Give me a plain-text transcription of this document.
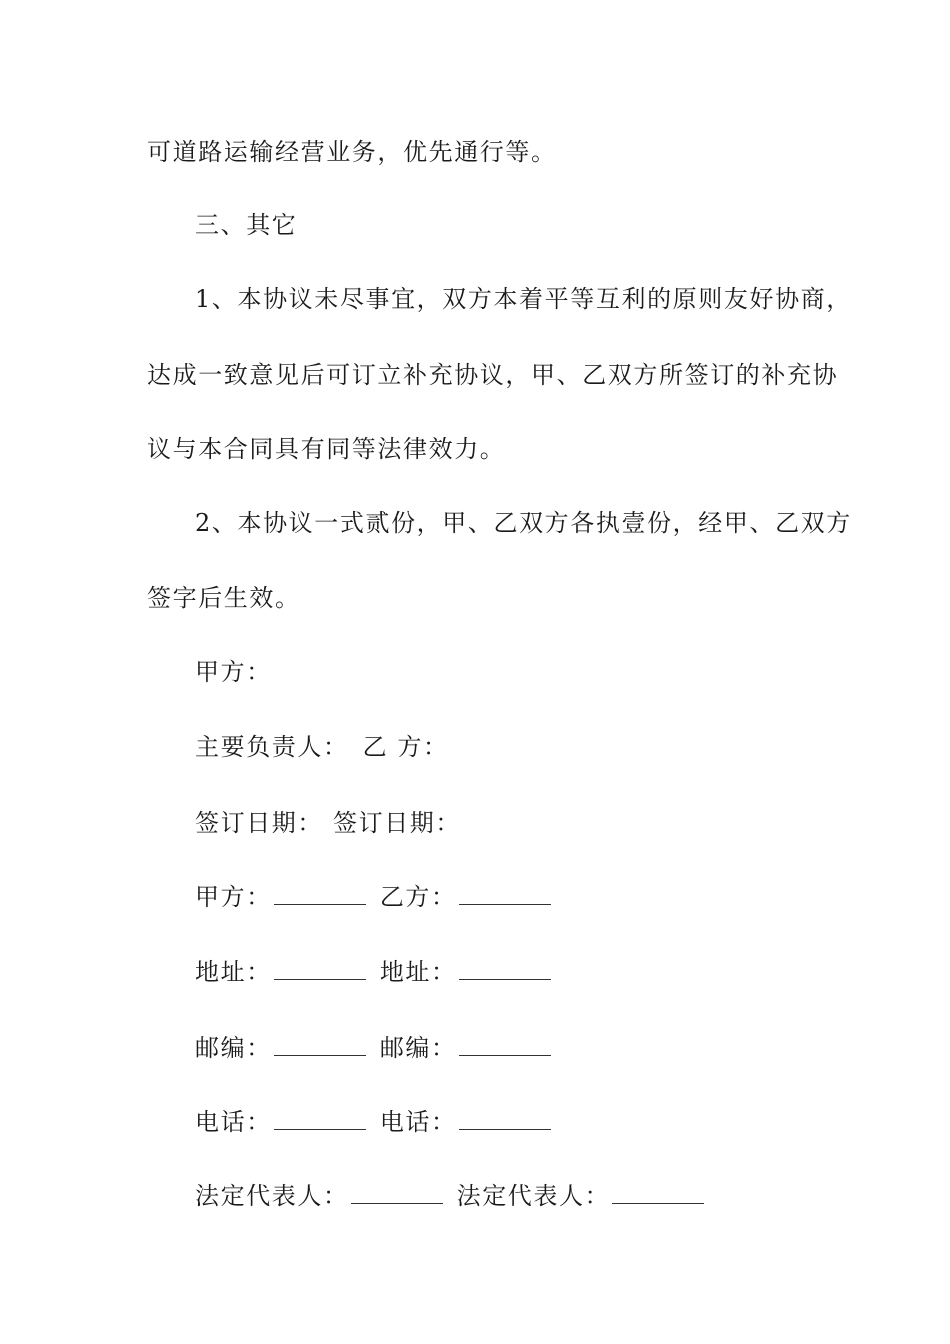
可道路运输经营业务，优先通行等。
三、其它
1、本协议未尽事宜，双方本着平等互利的原则友好协商，
达成一致意见后可订立补充协议，甲、乙双方所签订的补充协
议与本合同具有同等法律效力。
2、本协议一式贰份，甲、乙双方各执壹份，经甲、乙双方
签字后生效。
甲方：
主要负责人： 乙 方：
签订日期： 签订日期：
甲方：	乙方：
地址：	地址：
邮编：	邮编：
电话：	电话：
法定代表人：	法定代表人：
